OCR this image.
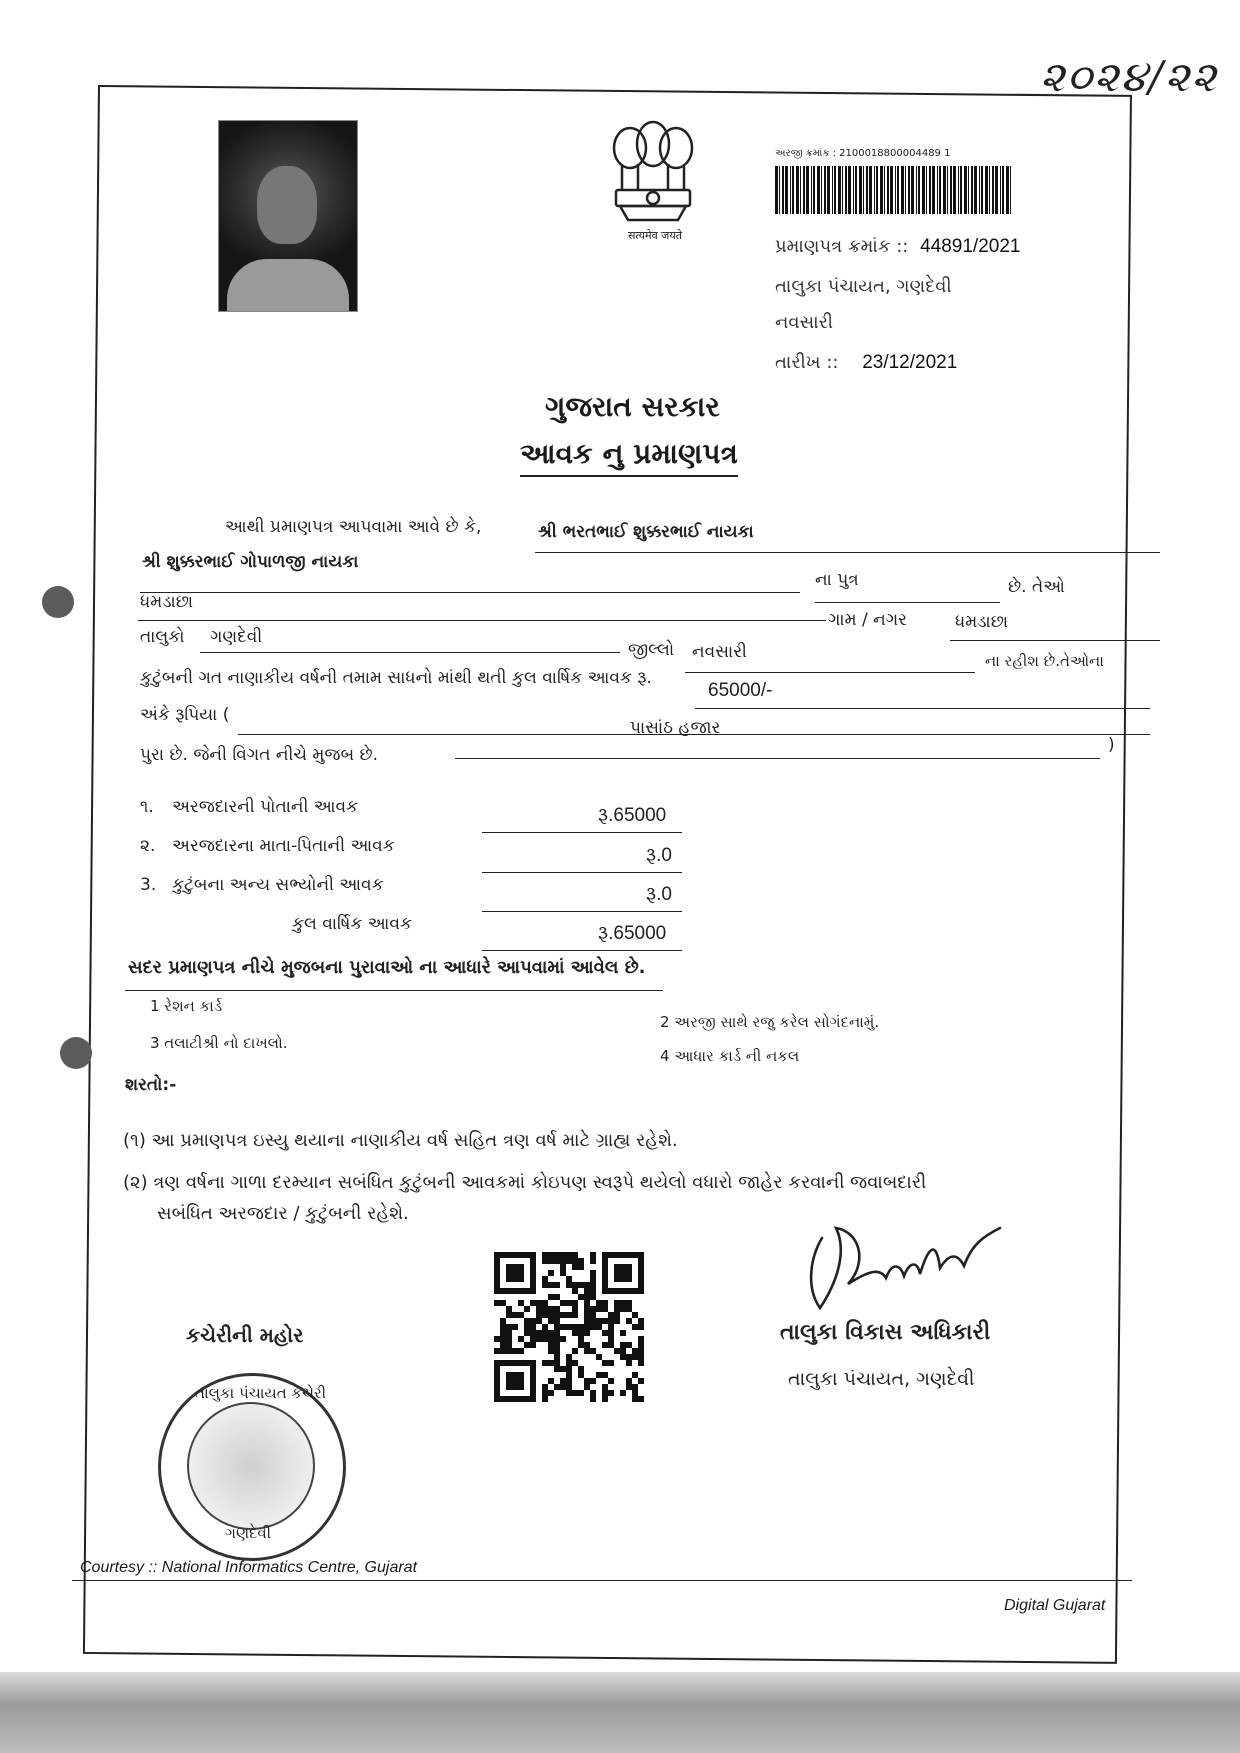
૨૦૨૪/૨૨
सत्यमेव जयते
અરજી ક્રમાંક : 2100018800004489 1
પ્રમાણપત્ર ક્રમાંક :: 44891/2021
તાલુકા પંચાયત, ગણદેવી
નવસારી
તારીખ :: 23/12/2021
ગુજરાત સરકાર
આવક નુ પ્રમાણપત્ર
આથી પ્રમાણપત્ર આપવામા આવે છે કે,	શ્રી ભરતભાઈ શુક્કરભાઈ નાયકા
શ્રી શુક્કરભાઈ ગોપાળજી નાયકા
ના પુત્ર	છે. તેઓ
ધમડાછા
ગામ / નગર	ધમડાછા
તાલુકો ગણદેવી
જીલ્લો નવસારી	ના રહીશ છે.તેઓના
કુટુંબની ગત નાણાકીય વર્ષની તમામ સાધનો માંથી થતી કુલ વાર્ષિક આવક રૂ.
65000/-
અંકે રૂપિયા (
પાસાંઠ હજાર
)
પુરા છે. જેની વિગત નીચે મુજબ છે.
૧. અરજદારની પોતાની આવક	રૂ.65000
૨. અરજદારના માતા-પિતાની આવક	રૂ.0
3. કુટુંબના અન્ય સભ્યોની આવક	રૂ.0
કુલ વાર્ષિક આવક	રૂ.65000
સદર પ્રમાણપત્ર નીચે મુજબના પુરાવાઓ ના આધારે આપવામાં આવેલ છે.
1 રેશન કાર્ડ
2 અરજી સાથે રજુ કરેલ સોગંદનામું.
3 તલાટીશ્રી નો દાખલો.
4 આધાર કાર્ડ ની નકલ
શરતો:-
(૧) આ પ્રમાણપત્ર ઇસ્યુ થયાના નાણાકીય વર્ષ સહિત ત્રણ વર્ષ માટે ગ્રાહ્ય રહેશે.
(૨) ત્રણ વર્ષના ગાળા દરમ્યાન સબંધિત કુટુંબની આવકમાં કોઇપણ સ્વરૂપે થયેલો વધારો જાહેર કરવાની જવાબદારી
સબંધિત અરજદાર / કુટુંબની રહેશે.
કચેરીની મહોર	તાલુકા વિકાસ અધિકારી
તાલુકા પંચાયત, ગણદેવી
તાલુકા પંચાયત કચેરી
ગણદેવી
Courtesy :: National Informatics Centre, Gujarat
Digital Gujarat
